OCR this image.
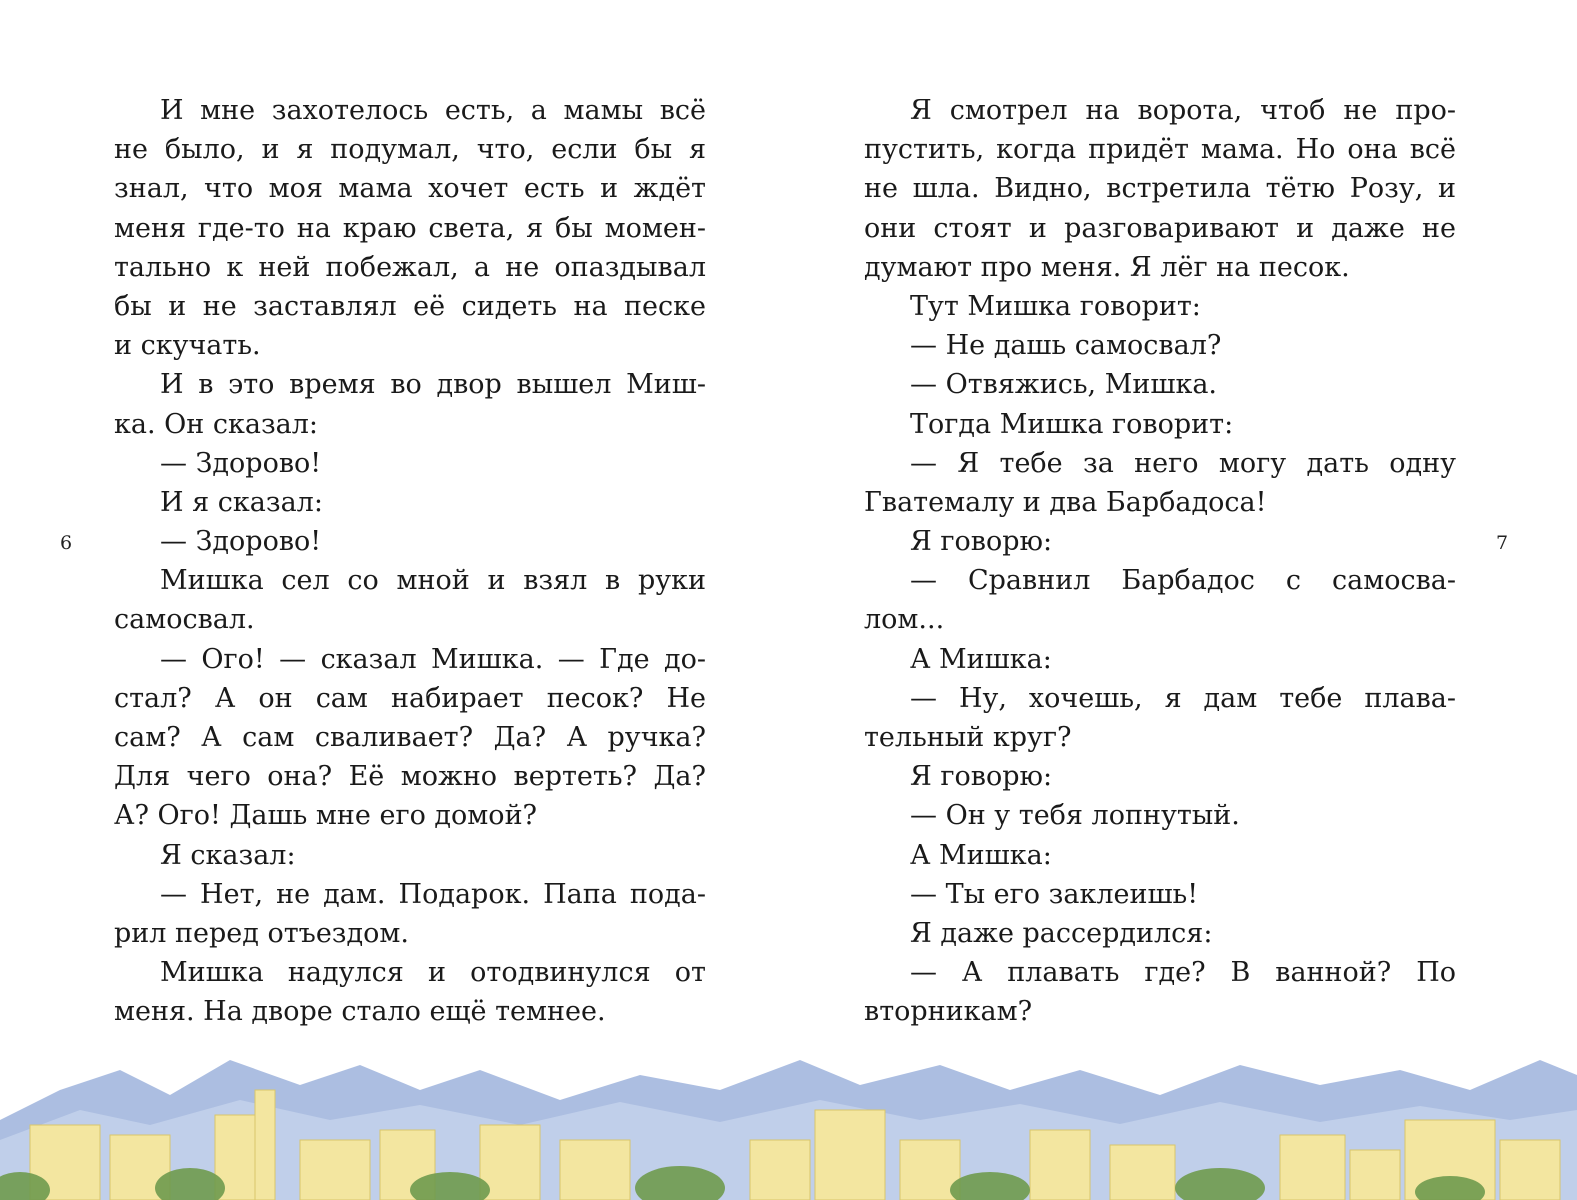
6	7
И мне захотелось есть, а мамы всё
не было, и я подумал, что, если бы я
знал, что моя мама хочет есть и ждёт
меня где-то на краю света, я бы момен-
тально к ней побежал, а не опаздывал
бы и не заставлял её сидеть на песке
и скучать.
И в это время во двор вышел Миш-
ка. Он сказал:
— Здорово!
И я сказал:
— Здорово!
Мишка сел со мной и взял в руки
самосвал.
— Ого! — сказал Мишка. — Где до-
стал? А он сам набирает песок? Не
сам? А сам сваливает? Да? А ручка?
Для чего она? Её можно вертеть? Да?
А? Ого! Дашь мне его домой?
Я сказал:
— Нет, не дам. Подарок. Папа пода-
рил перед отъездом.
Мишка надулся и отодвинулся от
меня. На дворе стало ещё темнее.
Я смотрел на ворота, чтоб не про-
пустить, когда придёт мама. Но она всё
не шла. Видно, встретила тётю Розу, и
они стоят и разговаривают и даже не
думают про меня. Я лёг на песок.
Тут Мишка говорит:
— Не дашь самосвал?
— Отвяжись, Мишка.
Тогда Мишка говорит:
— Я тебе за него могу дать одну
Гватемалу и два Барбадоса!
Я говорю:
— Сравнил Барбадос с самосва-
лом...
А Мишка:
— Ну, хочешь, я дам тебе плава-
тельный круг?
Я говорю:
— Он у тебя лопнутый.
А Мишка:
— Ты его заклеишь!
Я даже рассердился:
— А плавать где? В ванной? По
вторникам?
